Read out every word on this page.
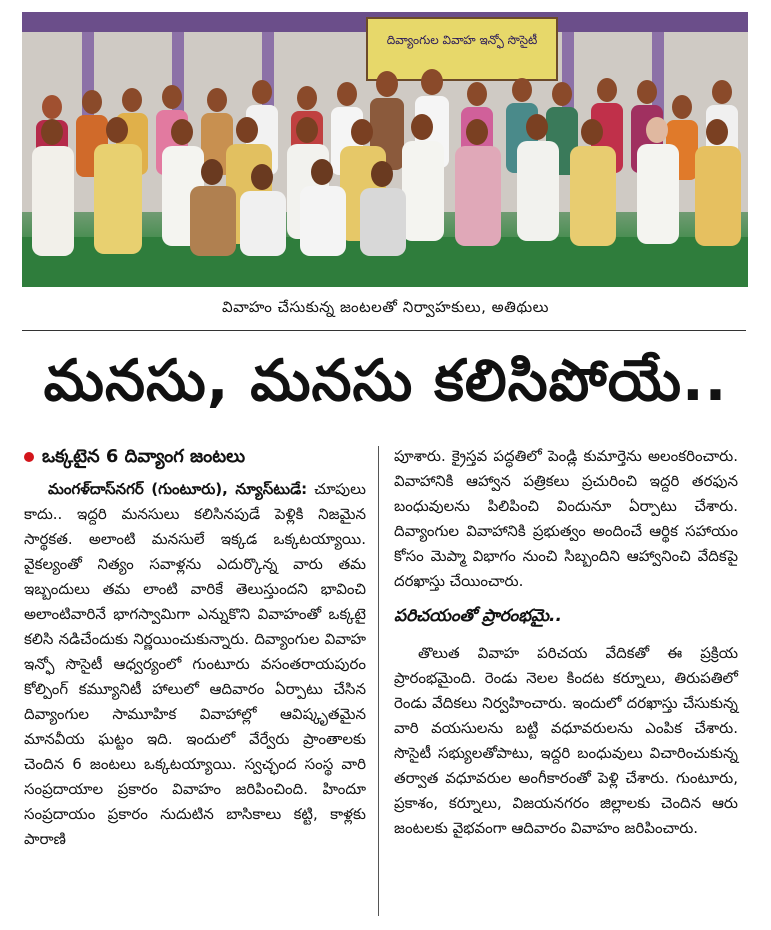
దివ్యాంగుల వివాహ ఇన్ఫో సొసైటీ
వివాహం చేసుకున్న జంటలతో నిర్వాహకులు, అతిథులు
మనసు, మనసు కలిసిపోయే..
ఒక్కటైన 6 దివ్యాంగ జంటలు

మంగళ్‌దాస్‌నగర్ (గుంటూరు), న్యూస్‌టుడే: చూపులు కాదు.. ఇద్దరి మనసులు కలిసినపుడే పెళ్లికి నిజమైన సార్థకత. అలాంటి మనసులే ఇక్కడ ఒక్కటయ్యాయి. వైకల్యంతో నిత్యం సవాళ్లను ఎదుర్కొన్న వారు తమ ఇబ్బందులు తమ లాంటి వారికే తెలుస్తుందని భావించి అలాంటివారినే భాగస్వామిగా ఎన్నుకొని వివాహంతో ఒక్కటై కలిసి నడిచేందుకు నిర్ణయించుకున్నారు. దివ్యాంగుల వివాహ ఇన్ఫో సొసైటీ ఆధ్వర్యంలో గుంటూరు వసంతరాయపురం కోల్పింగ్ కమ్యూనిటీ హాలులో ఆదివారం ఏర్పాటు చేసిన దివ్యాంగుల సామూహిక వివాహాల్లో ఆవిష్కృతమైన మానవీయ ఘట్టం ఇది. ఇందులో వేర్వేరు ప్రాంతాలకు చెందిన 6 జంటలు ఒక్కటయ్యాయి. స్వచ్ఛంద సంస్థ వారి సంప్రదాయాల ప్రకారం వివాహం జరిపించింది. హిందూ సంప్రదాయం ప్రకారం నుదుటిన బాసికాలు కట్టి, కాళ్లకు పారాణి

పూశారు. క్రైస్తవ పద్ధతిలో పెండ్లి కుమార్తెను అలంకరించారు. వివాహానికి ఆహ్వాన పత్రికలు ప్రచురించి ఇద్దరి తరఫున బంధువులను పిలిపించి విందునూ ఏర్పాటు చేశారు. దివ్యాంగుల వివాహానికి ప్రభుత్వం అందించే ఆర్థిక సహాయం కోసం మెప్మా విభాగం నుంచి సిబ్బందిని ఆహ్వానించి వేదికపై దరఖాస్తు చేయించారు.

పరిచయంతో ప్రారంభమై..

తొలుత వివాహ పరిచయ వేదికతో ఈ ప్రక్రియ ప్రారంభమైంది. రెండు నెలల కిందట కర్నూలు, తిరుపతిలో రెండు వేదికలు నిర్వహించారు. ఇందులో దరఖాస్తు చేసుకున్న వారి వయసులను బట్టి వధూవరులను ఎంపిక చేశారు. సొసైటీ సభ్యులతోపాటు, ఇద్దరి బంధువులు విచారించుకున్న తర్వాత వధూవరుల అంగీకారంతో పెళ్లి చేశారు. గుంటూరు, ప్రకాశం, కర్నూలు, విజయనగరం జిల్లాలకు చెందిన ఆరు జంటలకు వైభవంగా ఆదివారం వివాహం జరిపించారు.
